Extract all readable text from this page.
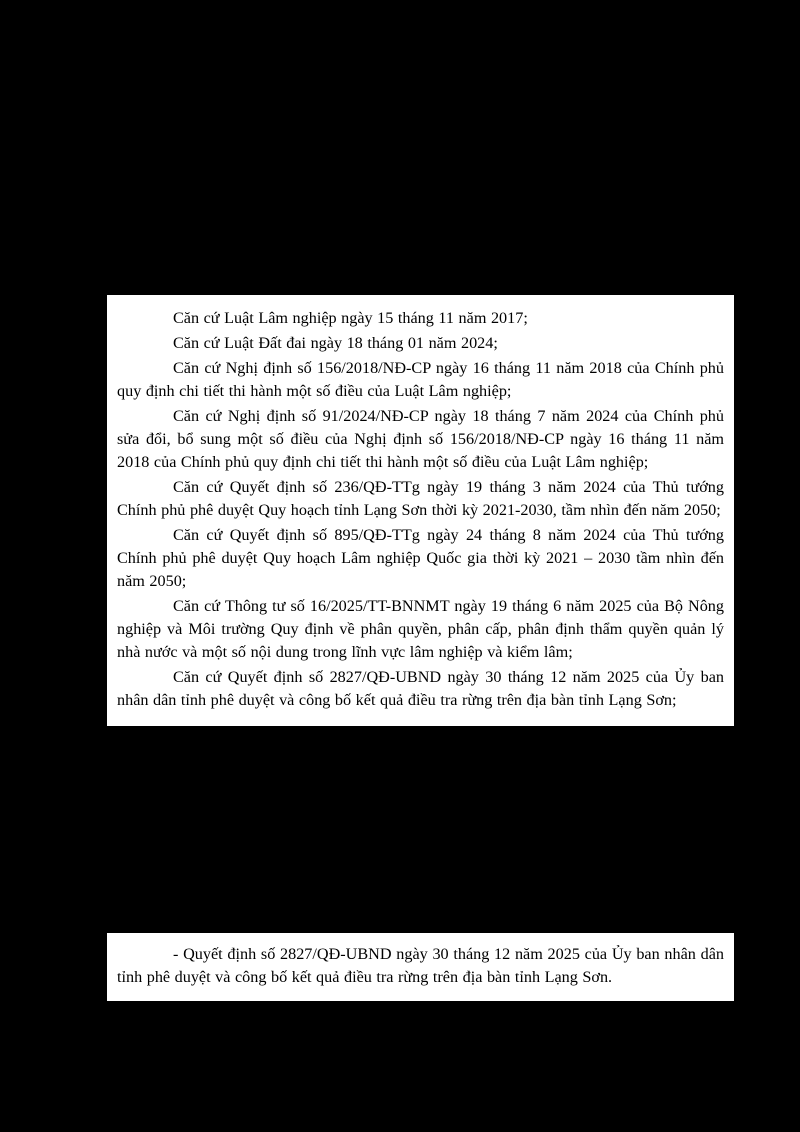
Căn cứ Luật Lâm nghiệp ngày 15 tháng 11 năm 2017;

Căn cứ Luật Đất đai ngày 18 tháng 01 năm 2024;

Căn cứ Nghị định số 156/2018/NĐ-CP ngày 16 tháng 11 năm 2018 của Chính phủ quy định chi tiết thi hành một số điều của Luật Lâm nghiệp;

Căn cứ Nghị định số 91/2024/NĐ-CP ngày 18 tháng 7 năm 2024 của Chính phủ sửa đổi, bổ sung một số điều của Nghị định số 156/2018/NĐ-CP ngày 16 tháng 11 năm 2018 của Chính phủ quy định chi tiết thi hành một số điều của Luật Lâm nghiệp;

Căn cứ Quyết định số 236/QĐ-TTg ngày 19 tháng 3 năm 2024 của Thủ tướng Chính phủ phê duyệt Quy hoạch tỉnh Lạng Sơn thời kỳ 2021-2030, tầm nhìn đến năm 2050;

Căn cứ Quyết định số 895/QĐ-TTg ngày 24 tháng 8 năm 2024 của Thủ tướng Chính phủ phê duyệt Quy hoạch Lâm nghiệp Quốc gia thời kỳ 2021 – 2030 tầm nhìn đến năm 2050;

Căn cứ Thông tư số 16/2025/TT-BNNMT ngày 19 tháng 6 năm 2025 của Bộ Nông nghiệp và Môi trường Quy định về phân quyền, phân cấp, phân định thẩm quyền quản lý nhà nước và một số nội dung trong lĩnh vực lâm nghiệp và kiểm lâm;

Căn cứ Quyết định số 2827/QĐ-UBND ngày 30 tháng 12 năm 2025 của Ủy ban nhân dân tỉnh phê duyệt và công bố kết quả điều tra rừng trên địa bàn tỉnh Lạng Sơn;

- Quyết định số 2827/QĐ-UBND ngày 30 tháng 12 năm 2025 của Ủy ban nhân dân tỉnh phê duyệt và công bố kết quả điều tra rừng trên địa bàn tỉnh Lạng Sơn.
